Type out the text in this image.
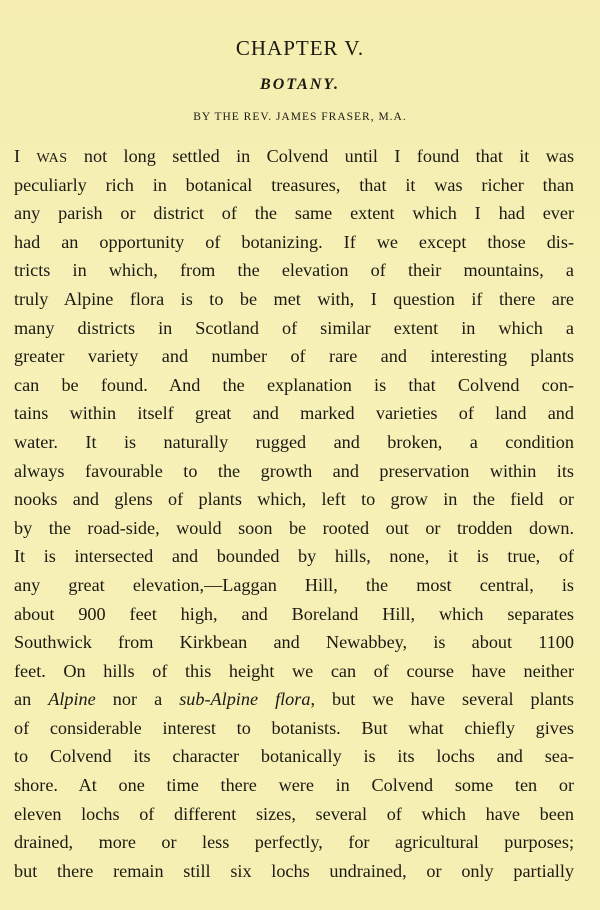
CHAPTER V.
BOTANY.
BY THE REV. JAMES FRASER, M.A.
I WAS not long settled in Colvend until I found that it was
peculiarly rich in botanical treasures, that it was richer than
any parish or district of the same extent which I had ever
had an opportunity of botanizing. If we except those dis-
tricts in which, from the elevation of their mountains, a
truly Alpine flora is to be met with, I question if there are
many districts in Scotland of similar extent in which a
greater variety and number of rare and interesting plants
can be found. And the explanation is that Colvend con-
tains within itself great and marked varieties of land and
water. It is naturally rugged and broken, a condition
always favourable to the growth and preservation within its
nooks and glens of plants which, left to grow in the field or
by the road-side, would soon be rooted out or trodden down.
It is intersected and bounded by hills, none, it is true, of
any great elevation,—Laggan Hill, the most central, is
about 900 feet high, and Boreland Hill, which separates
Southwick from Kirkbean and Newabbey, is about 1100
feet. On hills of this height we can of course have neither
an Alpine nor a sub-Alpine flora, but we have several plants
of considerable interest to botanists. But what chiefly gives
to Colvend its character botanically is its lochs and sea-
shore. At one time there were in Colvend some ten or
eleven lochs of different sizes, several of which have been
drained, more or less perfectly, for agricultural purposes;
but there remain still six lochs undrained, or only partially
